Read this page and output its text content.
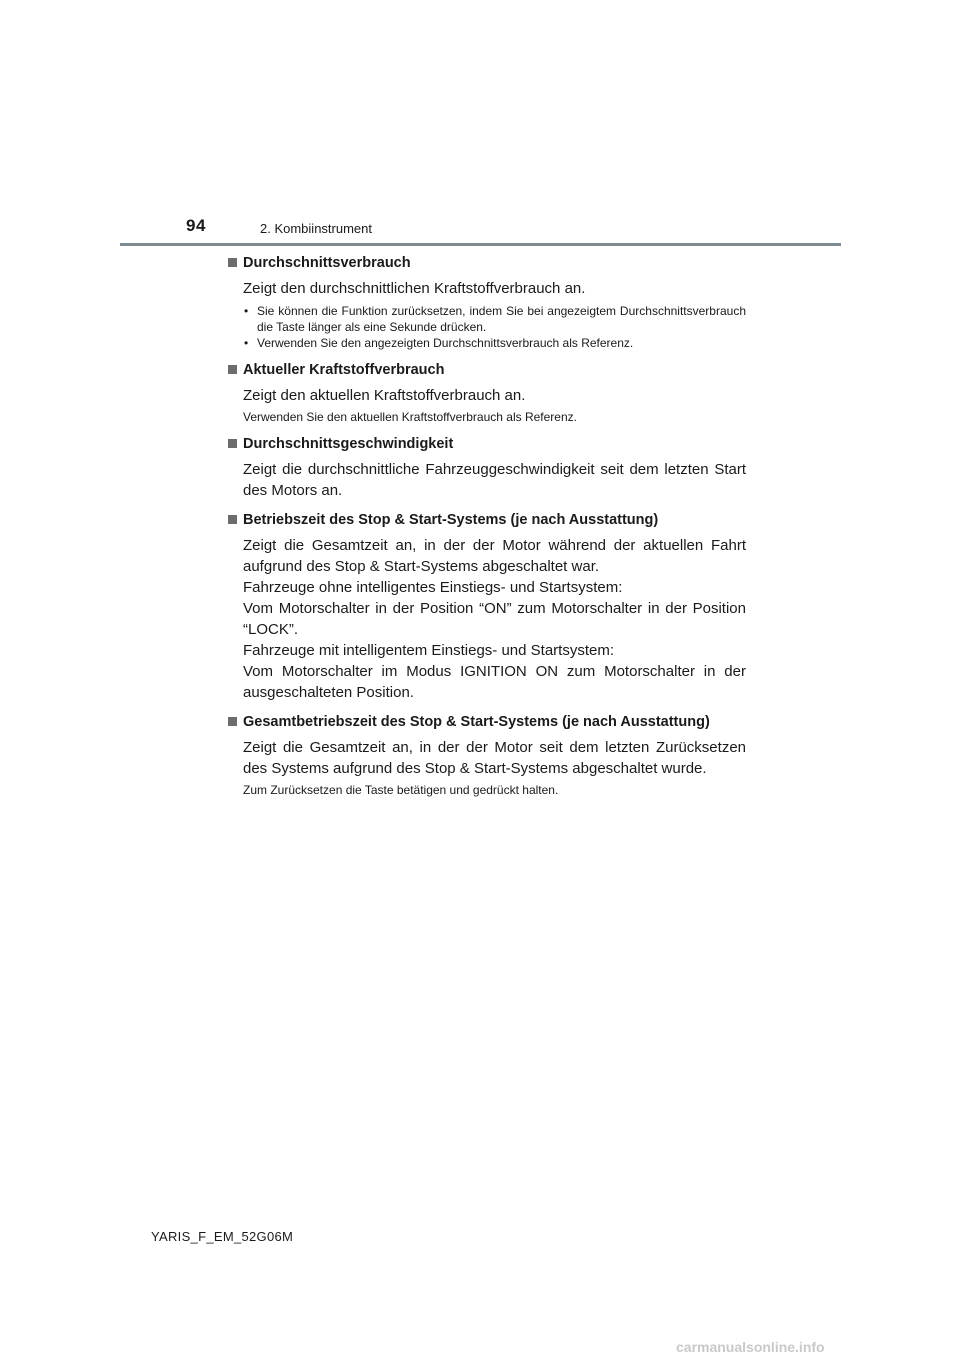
94	2. Kombiinstrument
Durchschnittsverbrauch

Zeigt den durchschnittlichen Kraftstoffverbrauch an.

• Sie können die Funktion zurücksetzen, indem Sie bei angezeigtem Durchschnittsverbrauch die Taste länger als eine Sekunde drücken.
• Verwenden Sie den angezeigten Durchschnittsverbrauch als Referenz.
Aktueller Kraftstoffverbrauch

Zeigt den aktuellen Kraftstoffverbrauch an.

Verwenden Sie den aktuellen Kraftstoffverbrauch als Referenz.
Durchschnittsgeschwindigkeit

Zeigt die durchschnittliche Fahrzeuggeschwindigkeit seit dem letzten Start des Motors an.

Betriebszeit des Stop & Start-Systems (je nach Ausstattung)

Zeigt die Gesamtzeit an, in der der Motor während der aktuellen Fahrt aufgrund des Stop & Start-Systems abgeschaltet war.

Fahrzeuge ohne intelligentes Einstiegs- und Startsystem:

Vom Motorschalter in der Position “ON” zum Motorschalter in der Position “LOCK”.

Fahrzeuge mit intelligentem Einstiegs- und Startsystem:

Vom Motorschalter im Modus IGNITION ON zum Motorschalter in der ausgeschalteten Position.

Gesamtbetriebszeit des Stop & Start-Systems (je nach Ausstattung)

Zeigt die Gesamtzeit an, in der der Motor seit dem letzten Zurücksetzen des Systems aufgrund des Stop & Start-Systems abgeschaltet wurde.

Zum Zurücksetzen die Taste betätigen und gedrückt halten.
YARIS_F_EM_52G06M
carmanualsonline.info
